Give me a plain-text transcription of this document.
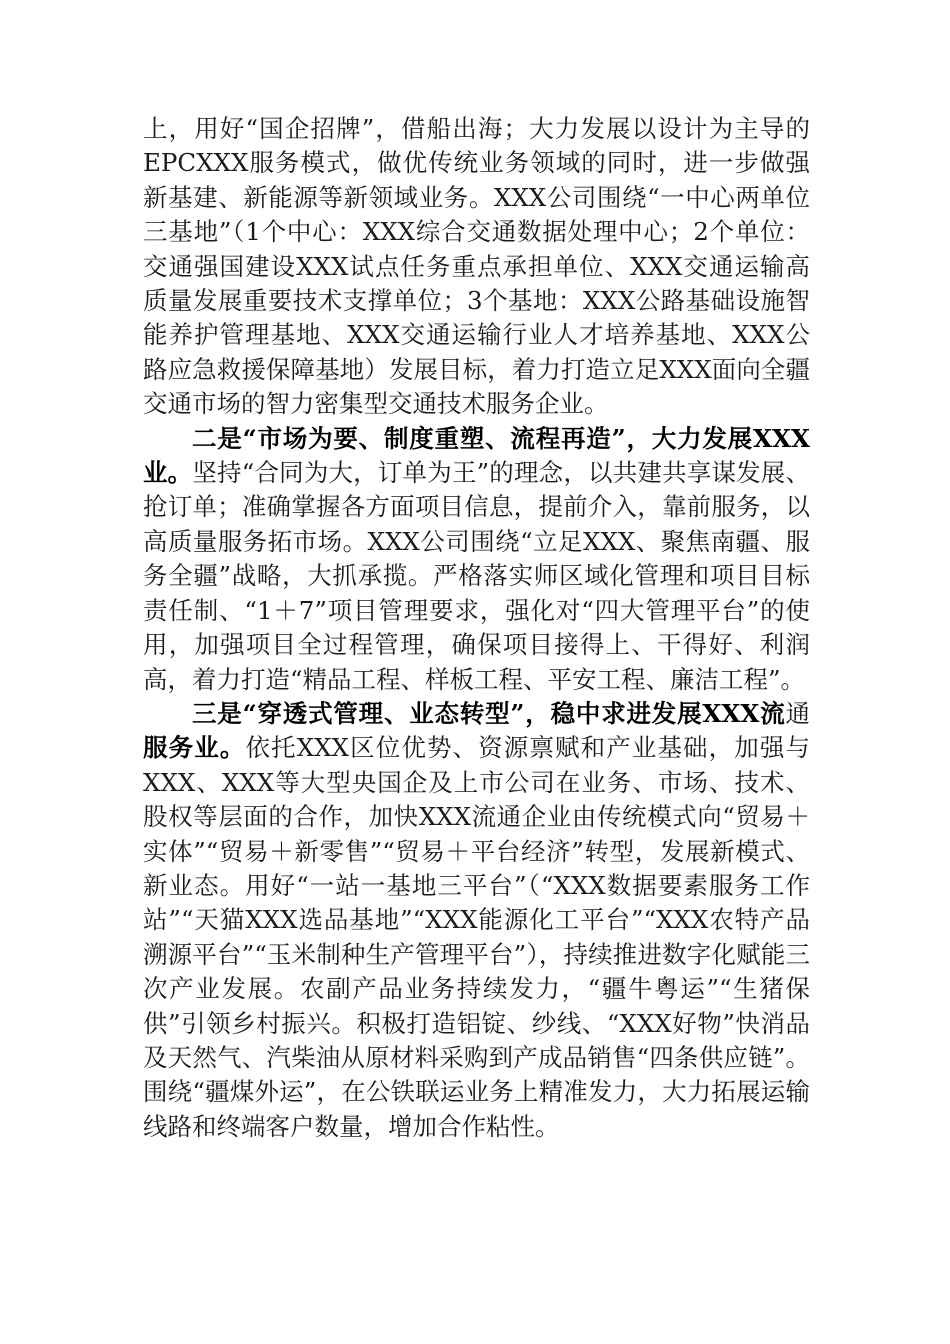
上，用好“国企招牌”，借船出海；大力发展以设计为主导的EPCXXX服务模式，做优传统业务领域的同时，进一步做强新基建、新能源等新领域业务。XXX公司围绕“一中心两单位三基地”（1个中心：XXX综合交通数据处理中心；2个单位：交通强国建设XXX试点任务重点承担单位、XXX交通运输高质量发展重要技术支撑单位；3个基地：XXX公路基础设施智能养护管理基地、XXX交通运输行业人才培养基地、XXX公路应急救援保障基地）发展目标，着力打造立足XXX面向全疆交通市场的智力密集型交通技术服务企业。

二是“市场为要、制度重塑、流程再造”，大力发展XXX业。坚持“合同为大，订单为王”的理念，以共建共享谋发展、抢订单；准确掌握各方面项目信息，提前介入，靠前服务，以高质量服务拓市场。XXX公司围绕“立足XXX、聚焦南疆、服务全疆”战略，大抓承揽。严格落实师区域化管理和项目目标责任制、“1＋7”项目管理要求，强化对“四大管理平台”的使用，加强项目全过程管理，确保项目接得上、干得好、利润高，着力打造“精品工程、样板工程、平安工程、廉洁工程”。

三是“穿透式管理、业态转型”，稳中求进发展XXX流通服务业。依托XXX区位优势、资源禀赋和产业基础，加强与XXX、XXX等大型央国企及上市公司在业务、市场、技术、股权等层面的合作，加快XXX流通企业由传统模式向“贸易＋实体”“贸易＋新零售”“贸易＋平台经济”转型，发展新模式、新业态。用好“一站一基地三平台”（“XXX数据要素服务工作站”“天猫XXX选品基地”“XXX能源化工平台”“XXX农特产品溯源平台”“玉米制种生产管理平台”），持续推进数字化赋能三次产业发展。农副产品业务持续发力，“疆牛粤运”“生猪保供”引领乡村振兴。积极打造铝锭、纱线、“XXX好物”快消品及天然气、汽柴油从原材料采购到产成品销售“四条供应链”。围绕“疆煤外运”，在公铁联运业务上精准发力，大力拓展运输线路和终端客户数量，增加合作粘性。
